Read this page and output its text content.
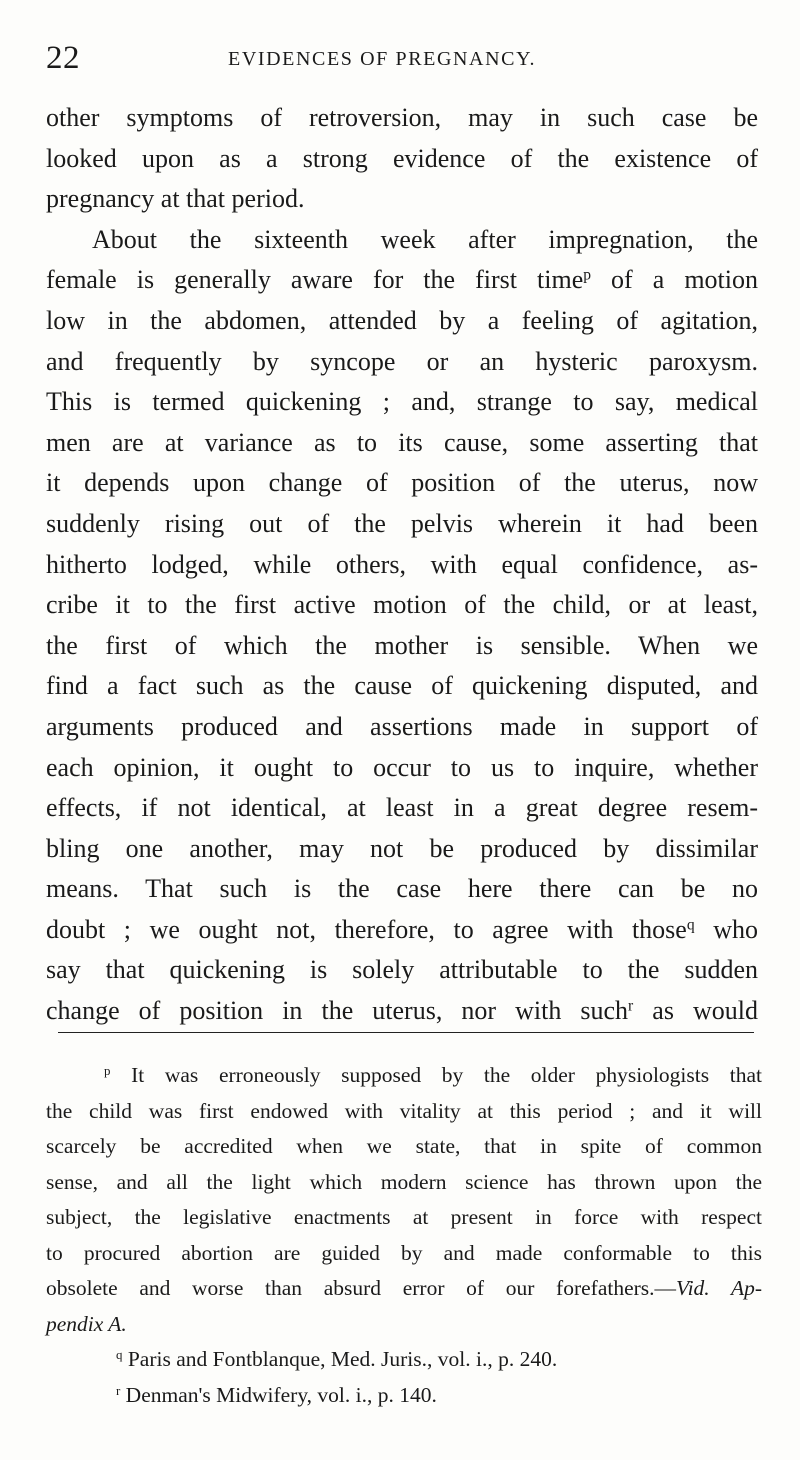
22	EVIDENCES OF PREGNANCY.
other symptoms of retroversion, may in such case be
looked upon as a strong evidence of the existence of
pregnancy at that period.
About the sixteenth week after impregnation, the
female is generally aware for the first time$^p$ of a motion
low in the abdomen, attended by a feeling of agitation,
and frequently by syncope or an hysteric paroxysm.
This is termed quickening ; and, strange to say, medical
men are at variance as to its cause, some asserting that
it depends upon change of position of the uterus, now
suddenly rising out of the pelvis wherein it had been
hitherto lodged, while others, with equal confidence, as-
cribe it to the first active motion of the child, or at least,
the first of which the mother is sensible. When we
find a fact such as the cause of quickening disputed, and
arguments produced and assertions made in support of
each opinion, it ought to occur to us to inquire, whether
effects, if not identical, at least in a great degree resem-
bling one another, may not be produced by dissimilar
means. That such is the case here there can be no
doubt ; we ought not, therefore, to agree with those$^q$ who
say that quickening is solely attributable to the sudden
change of position in the uterus, nor with such$^r$ as would
$^p$ It was erroneously supposed by the older physiologists that
the child was first endowed with vitality at this period ; and it will
scarcely be accredited when we state, that in spite of common
sense, and all the light which modern science has thrown upon the
subject, the legislative enactments at present in force with respect
to procured abortion are guided by and made conformable to this
obsolete and worse than absurd error of our forefathers.—Vid. Ap-
pendix A.
$^q$ Paris and Fontblanque, Med. Juris., vol. i., p. 240.
$^r$ Denman's Midwifery, vol. i., p. 140.
